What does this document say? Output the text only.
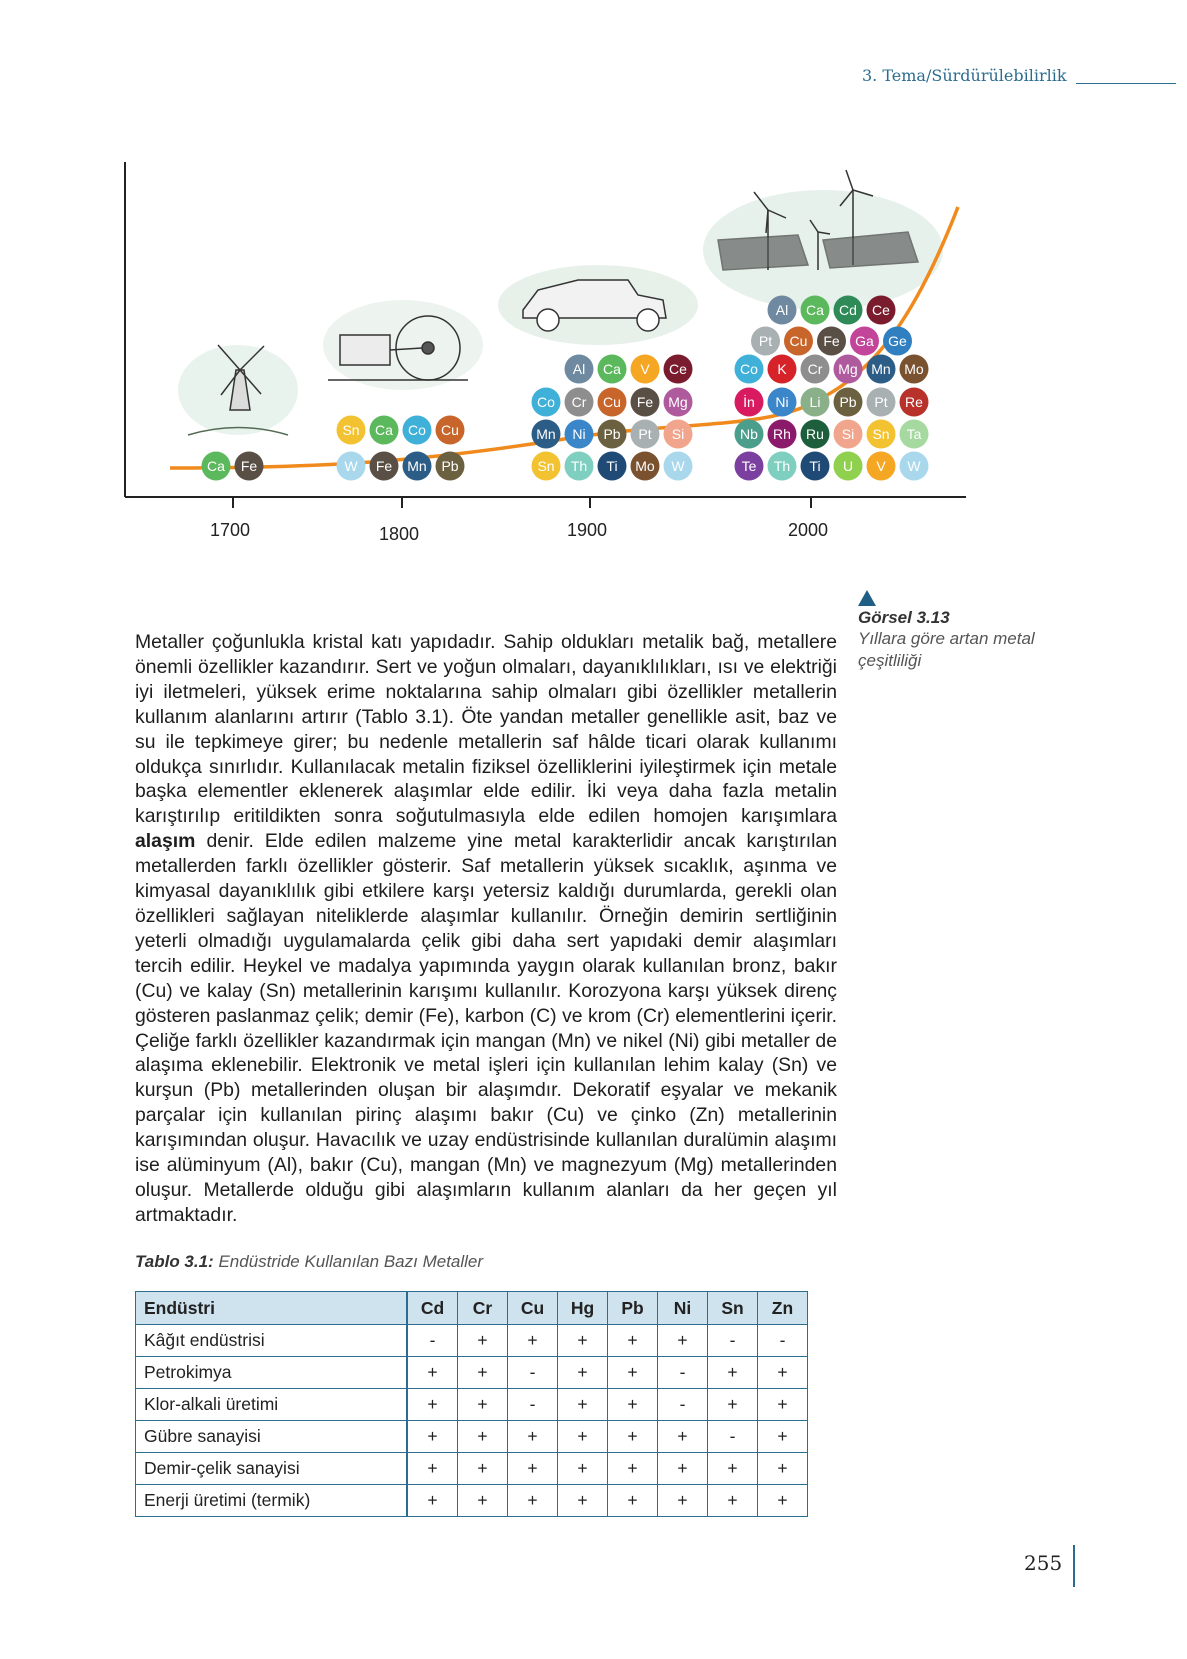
3. Tema/Sürdürülebilirlik
1700	1800	1900	2000
Ca Fe
Sn Ca Co Cu
W Fe Mn Pb
Al Ca V Ce
Co Cr Cu Fe Mg
Mn Ni Pb Pt Si
Sn Th Ti Mo W
Al Ca Cd Ce
Pt Cu Fe Ga Ge
Co K Cr Mg Mn Mo
İn Ni Li Pb Pt Re
Nb Rh Ru Si Sn Ta
Te Th Ti U V W
Görsel 3.13
Yıllara göre artan metal çeşitliliği

Metaller çoğunlukla kristal katı yapıdadır. Sahip oldukları metalik bağ, metallere önemli özellikler kazandırır. Sert ve yoğun olmaları, dayanıklılıkları, ısı ve elektriği iyi iletmeleri, yüksek erime noktalarına sahip olmaları gibi özellikler metallerin kullanım alanlarını artırır (Tablo 3.1). Öte yandan metaller genellikle asit, baz ve su ile tepkimeye girer; bu nedenle metallerin saf hâlde ticari olarak kullanımı oldukça sınırlıdır. Kullanılacak metalin fiziksel özelliklerini iyileştirmek için metale başka elementler eklenerek alaşımlar elde edilir. İki veya daha fazla metalin karıştırılıp eritildikten sonra soğutulmasıyla elde edilen homojen karışımlara alaşım denir. Elde edilen malzeme yine metal karakterlidir ancak karıştırılan metallerden farklı özellikler gösterir. Saf metallerin yüksek sıcaklık, aşınma ve kimyasal dayanıklılık gibi etkilere karşı yetersiz kaldığı durumlarda, gerekli olan özellikleri sağlayan niteliklerde alaşımlar kullanılır. Örneğin demirin sertliğinin yeterli olmadığı uygulamalarda çelik gibi daha sert yapıdaki demir alaşımları tercih edilir. Heykel ve madalya yapımında yaygın olarak kullanılan bronz, bakır (Cu) ve kalay (Sn) metallerinin karışımı kullanılır. Korozyona karşı yüksek direnç gösteren paslanmaz çelik; demir (Fe), karbon (C) ve krom (Cr) elementlerini içerir. Çeliğe farklı özellikler kazandırmak için mangan (Mn) ve nikel (Ni) gibi metaller de alaşıma eklenebilir. Elektronik ve metal işleri için kullanılan lehim kalay (Sn) ve kurşun (Pb) metallerinden oluşan bir alaşımdır. Dekoratif eşyalar ve mekanik parçalar için kullanılan pirinç alaşımı bakır (Cu) ve çinko (Zn) metallerinin karışımından oluşur. Havacılık ve uzay endüstrisinde kullanılan duralümin alaşımı ise alüminyum (Al), bakır (Cu), mangan (Mn) ve magnezyum (Mg) metallerinden oluşur. Metallerde olduğu gibi alaşımların kullanım alanları da her geçen yıl artmaktadır.

Tablo 3.1: Endüstride Kullanılan Bazı Metaller
Endüstri	Cd	Cr	Cu	Hg	Pb	Ni	Sn	Zn
Kâğıt endüstrisi	-	+	+	+	+	+	-	-
Petrokimya	+	+	-	+	+	-	+	+
Klor-alkali üretimi	+	+	-	+	+	-	+	+
Gübre sanayisi	+	+	+	+	+	+	-	+
Demir-çelik sanayisi	+	+	+	+	+	+	+	+
Enerji üretimi (termik)	+	+	+	+	+	+	+	+
255
